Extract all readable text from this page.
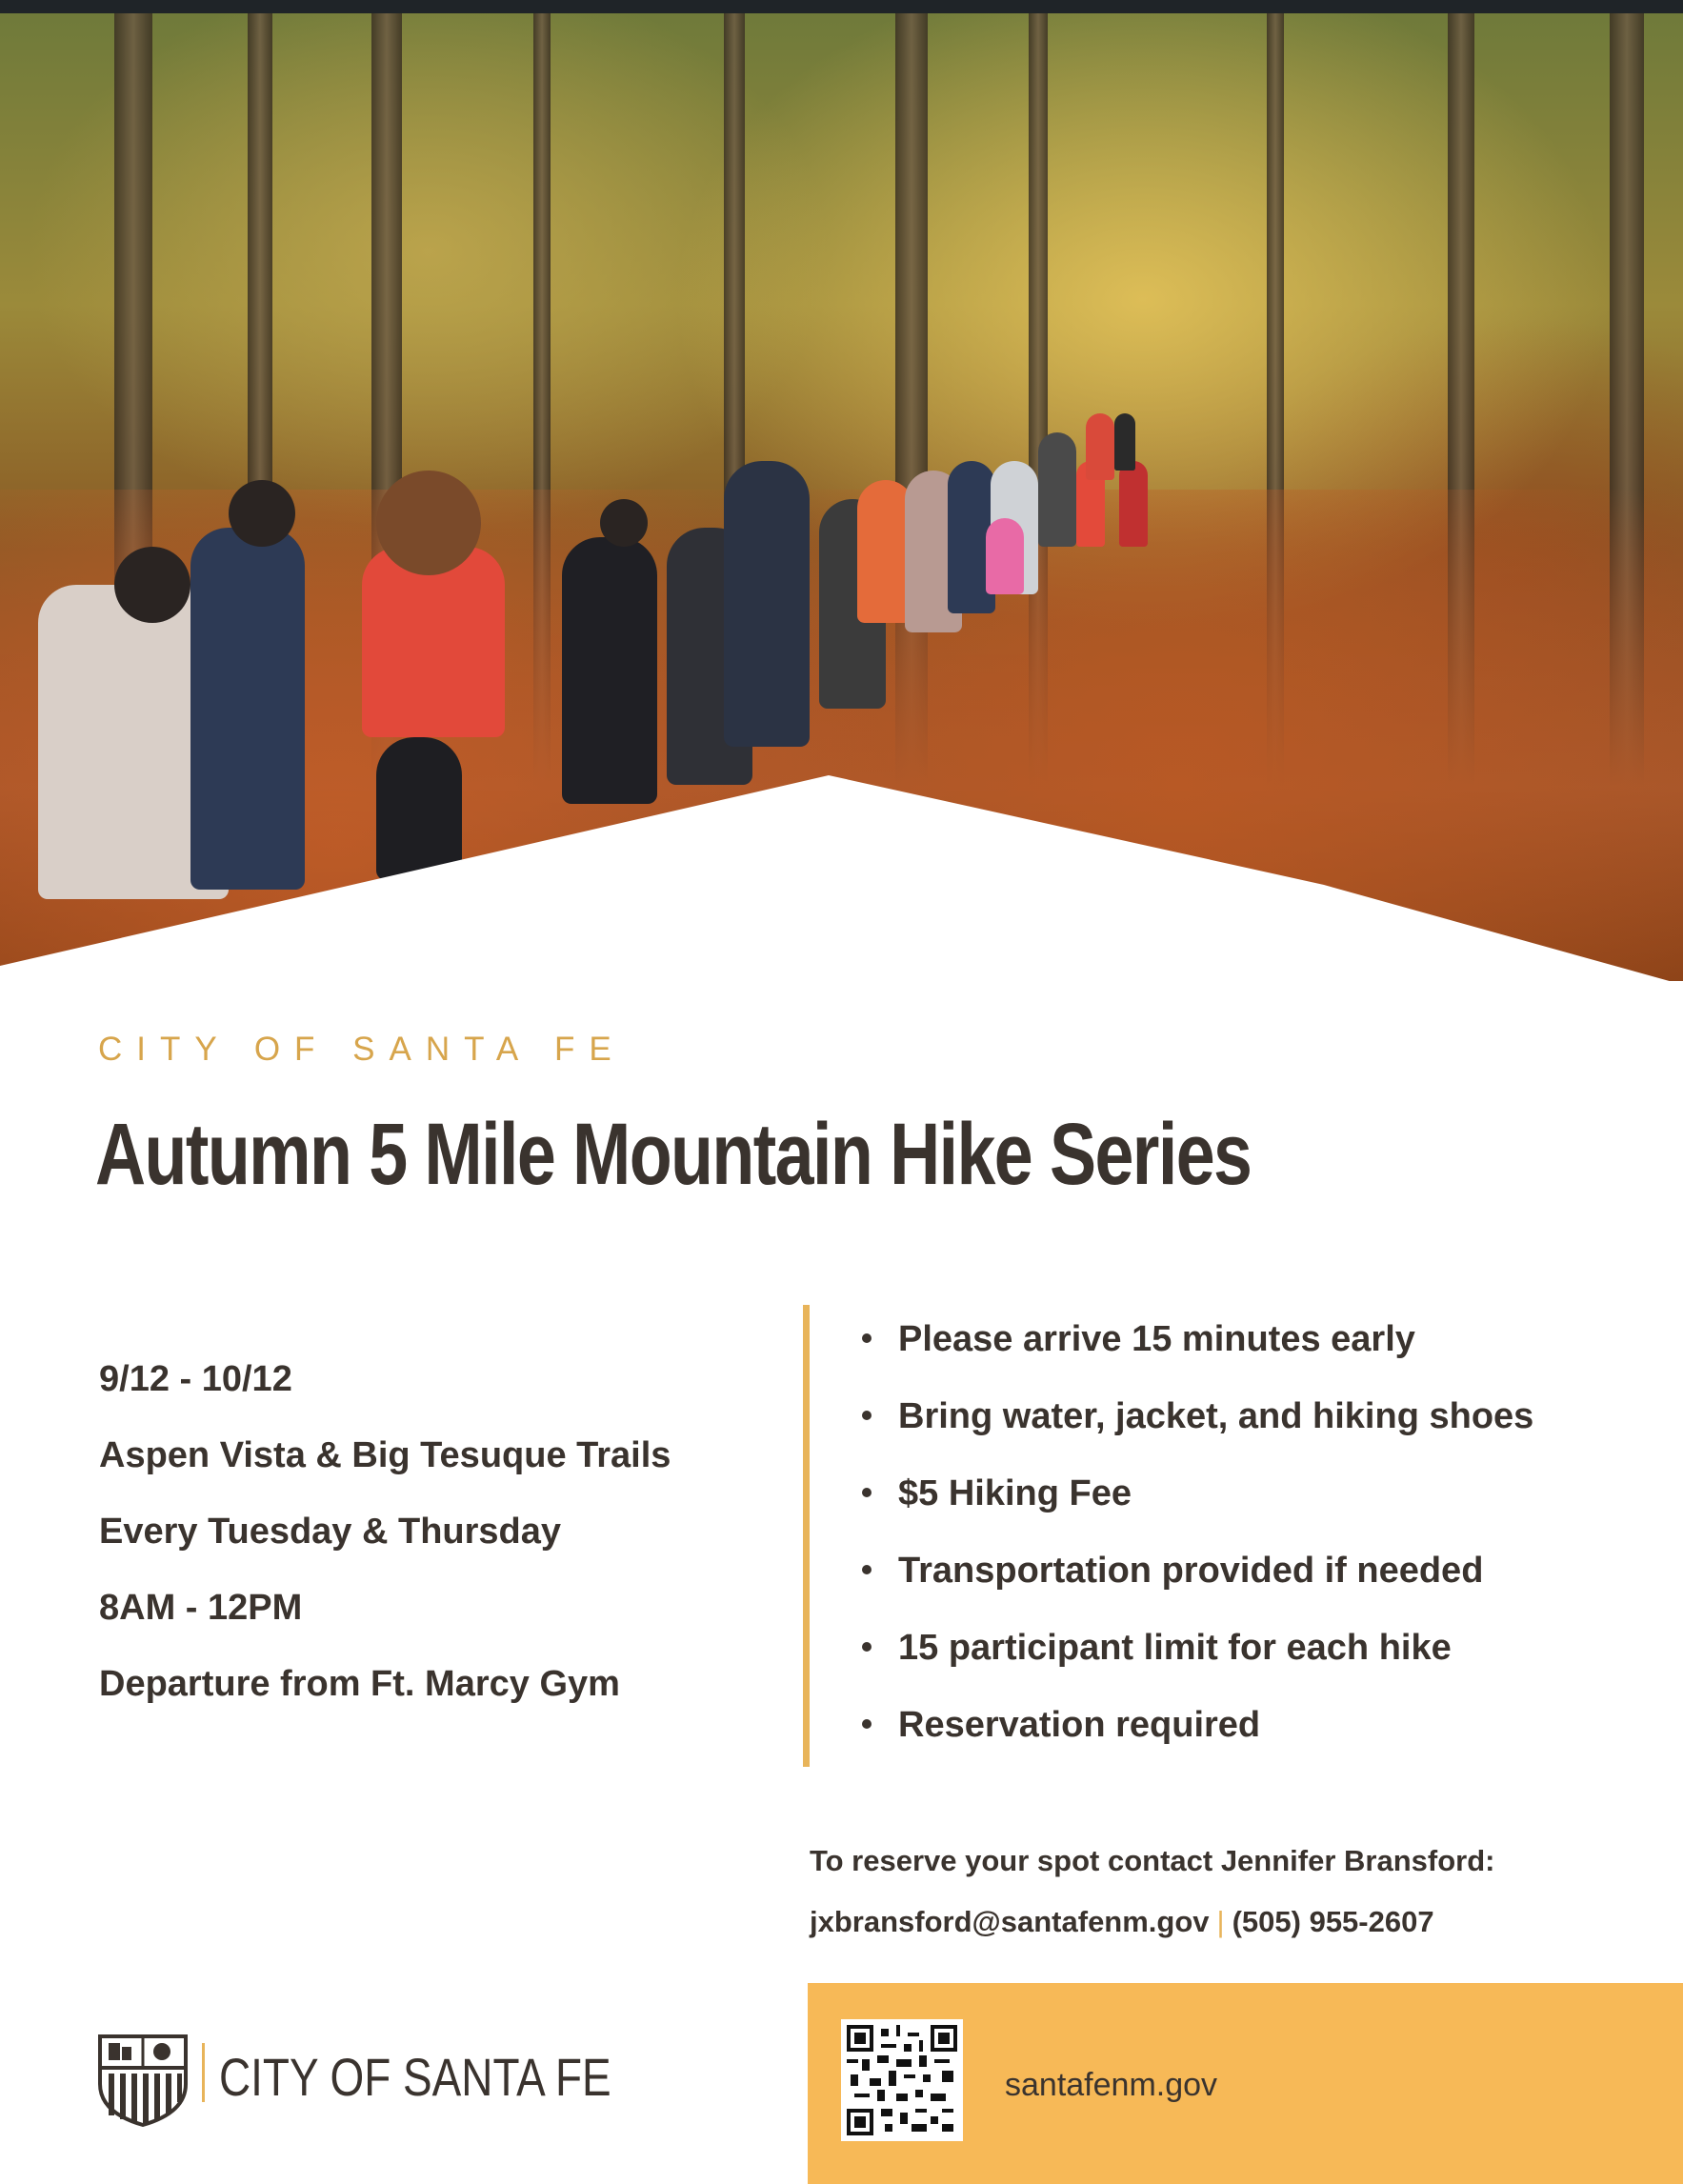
CITY OF SANTA FE
Autumn 5 Mile Mountain Hike Series
9/12 - 10/12
Aspen Vista & Big Tesuque Trails
Every Tuesday & Thursday
8AM - 12PM
Departure from Ft. Marcy Gym
Please arrive 15 minutes early
Bring water, jacket, and hiking shoes
$5 Hiking Fee
Transportation provided if needed
15 participant limit for each hike
Reservation required
To reserve your spot contact Jennifer Bransford:
jxbransford@santafenm.gov | (505) 955-2607
santafenm.gov
CITY OF SANTA FE
